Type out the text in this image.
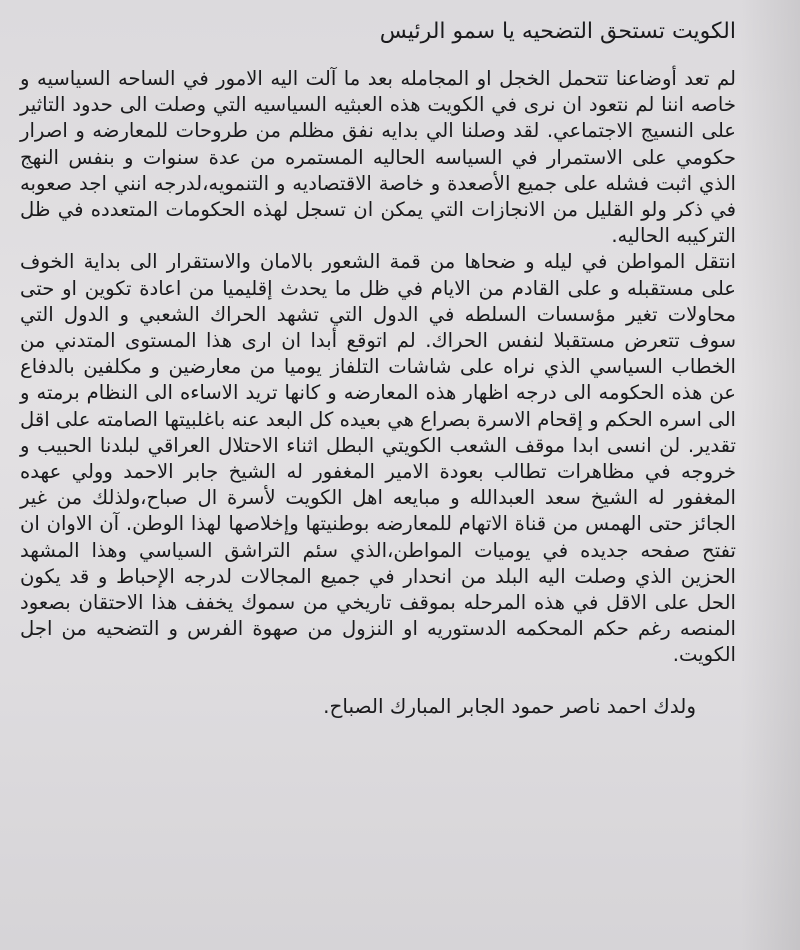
الكويت تستحق التضحيه يا سمو الرئيس

لم تعد أوضاعنا تتحمل الخجل او المجامله بعد ما آلت اليه الامور في الساحه السياسيه و خاصه اننا لم نتعود ان نرى في الكويت هذه العبثيه السياسيه التي وصلت الى حدود التاثير على النسيج الاجتماعي. لقد وصلنا الي بدايه نفق مظلم من طروحات للمعارضه و اصرار حكومي على الاستمرار في السياسه الحاليه المستمره من عدة سنوات و بنفس النهج الذي اثبت فشله على جميع الأصعدة و خاصة الاقتصاديه و التنمويه،لدرجه انني اجد صعوبه في ذكر ولو القليل من الانجازات التي يمكن ان تسجل لهذه الحكومات المتعدده في ظل التركيبه الحاليه.

انتقل المواطن في ليله و ضحاها من قمة الشعور بالامان والاستقرار الى بداية الخوف على مستقبله و على القادم من الايام في ظل ما يحدث إقليميا من اعادة تكوين او حتى محاولات تغير مؤسسات السلطه في الدول التي تشهد الحراك الشعبي و الدول التي سوف تتعرض مستقبلا لنفس الحراك. لم اتوقع أبدا ان ارى هذا المستوى المتدني من الخطاب السياسي الذي نراه على شاشات التلفاز يوميا من معارضين و مكلفين بالدفاع عن هذه الحكومه الى درجه اظهار هذه المعارضه و كانها تريد الاساءه الى النظام برمته و الى اسره الحكم و إقحام الاسرة بصراع هي بعيده كل البعد عنه باغلبيتها الصامته على اقل تقدير. لن انسى ابدا موقف الشعب الكويتي البطل اثناء الاحتلال العراقي لبلدنا الحبيب و خروجه في مظاهرات تطالب بعودة الامير المغفور له الشيخ جابر الاحمد وولي عهده المغفور له الشيخ سعد العبدالله و مبايعه اهل الكويت لأسرة ال صباح،ولذلك من غير الجائز حتى الهمس من قناة الاتهام للمعارضه بوطنيتها وإخلاصها لهذا الوطن. آن الاوان ان تفتح صفحه جديده في يوميات المواطن،الذي سئم التراشق السياسي وهذا المشهد الحزين الذي وصلت اليه البلد من انحدار في جميع المجالات لدرجه الإحباط و قد يكون الحل على الاقل في هذه المرحله بموقف تاريخي من سموك يخفف هذا الاحتقان بصعود المنصه رغم حكم المحكمه الدستوريه او النزول من صهوة الفرس و التضحيه من اجل الكويت.

ولدك احمد ناصر حمود الجابر المبارك الصباح.
